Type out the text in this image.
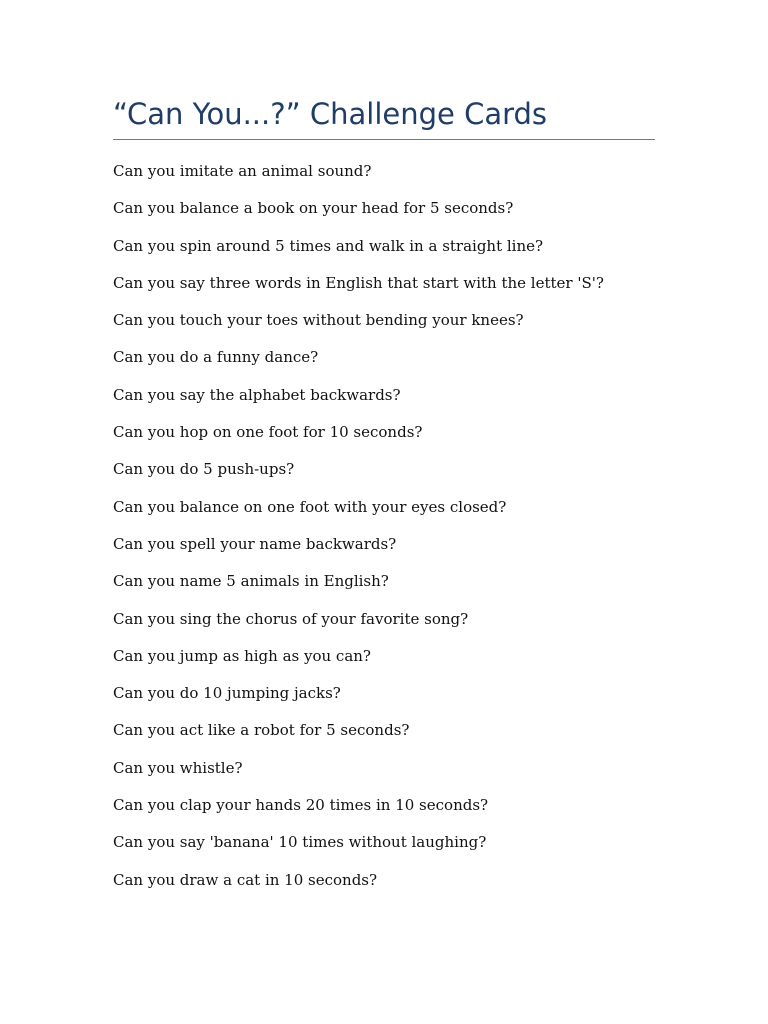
“Can You...?” Challenge Cards
Can you imitate an animal sound?
Can you balance a book on your head for 5 seconds?
Can you spin around 5 times and walk in a straight line?
Can you say three words in English that start with the letter 'S'?
Can you touch your toes without bending your knees?
Can you do a funny dance?
Can you say the alphabet backwards?
Can you hop on one foot for 10 seconds?
Can you do 5 push-ups?
Can you balance on one foot with your eyes closed?
Can you spell your name backwards?
Can you name 5 animals in English?
Can you sing the chorus of your favorite song?
Can you jump as high as you can?
Can you do 10 jumping jacks?
Can you act like a robot for 5 seconds?
Can you whistle?
Can you clap your hands 20 times in 10 seconds?
Can you say 'banana' 10 times without laughing?
Can you draw a cat in 10 seconds?
